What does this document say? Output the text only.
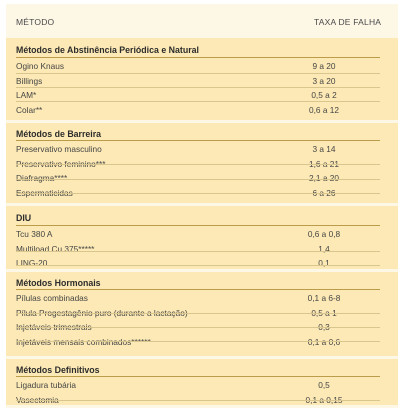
MÉTODO	TAXA DE FALHA
Métodos de Abstinência Periódica e Natural
Ogino Knaus	9 a 20
Billings	3 a 20
LAM*	0,5 a 2
Colar**	0,6 a 12
Métodos de Barreira
Preservativo masculino	3 a 14
Preservativo feminino***	1,6 a 21
Diafragma****	2,1 a 20
Espermaticidas	6 a 26
DIU
Tcu 380 A	0,6 a 0,8
Multiload Cu 375*****	1,4
LING-20	0,1
Métodos Hormonais
Pílulas combinadas	0,1 a 6-8
Pílula Progestagênio puro (durante a lactação)	0,5 a 1
Injetáveis trimestrais	0,3
Injetáveis mensais combinados******	0,1 a 0,6
Métodos Definitivos
Ligadura tubária	0,5
Vasectomia	0,1 a 0,15
